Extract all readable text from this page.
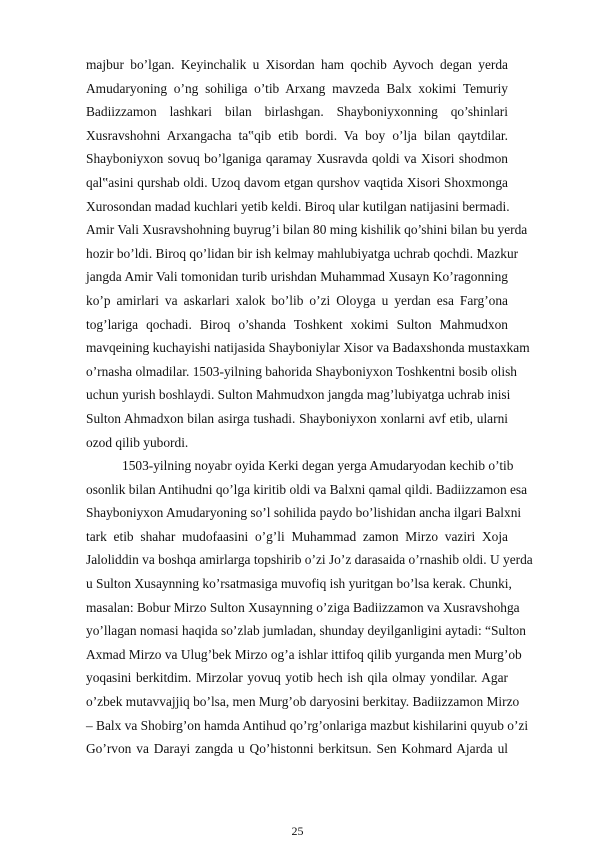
majbur bo’lgan. Keyinchalik u Xisordan ham qochib Ayvoch degan yerda
Amudaryoning o’ng sohiliga o’tib Arxang mavzeda Balx xokimi Temuriy
Badiizzamon lashkari bilan birlashgan. Shayboniyxonning qo’shinlari
Xusravshohni Arxangacha ta‟qib etib bordi. Va boy o’lja bilan qaytdilar.
Shayboniyxon sovuq bo’lganiga qaramay Xusravda qoldi va Xisori shodmon
qal‟asini qurshab oldi. Uzoq davom etgan qurshov vaqtida Xisori Shoxmonga
Xurosondan madad kuchlari yetib keldi. Biroq ular kutilgan natijasini bermadi.
Amir Vali Xusravshohning buyrug’i bilan 80 ming kishilik qo’shini bilan bu yerda
hozir bo’ldi. Biroq qo’lidan bir ish kelmay mahlubiyatga uchrab qochdi. Mazkur
jangda Amir Vali tomonidan turib urishdan Muhammad Xusayn Ko’ragonning
ko’p amirlari va askarlari xalok bo’lib o’zi Oloyga u yerdan esa Farg’ona
tog’lariga qochadi. Biroq o’shanda Toshkent xokimi Sulton Mahmudxon
mavqeining kuchayishi natijasida Shayboniylar Xisor va Badaxshonda mustaxkam
o’rnasha olmadilar. 1503-yilning bahorida Shayboniyxon Toshkentni bosib olish
uchun yurish boshlaydi. Sulton Mahmudxon jangda mag’lubiyatga uchrab inisi
Sulton Ahmadxon bilan asirga tushadi. Shayboniyxon xonlarni avf etib, ularni
ozod qilib yubordi.
1503-yilning noyabr oyida Kerki degan yerga Amudaryodan kechib o’tib
osonlik bilan Antihudni qo’lga kiritib oldi va Balxni qamal qildi. Badiizzamon esa
Shayboniyxon Amudaryoning so’l sohilida paydo bo’lishidan ancha ilgari Balxni
tark etib shahar mudofaasini o’g’li Muhammad zamon Mirzo vaziri Xoja
Jaloliddin va boshqa amirlarga topshirib o’zi Jo’z darasaida o’rnashib oldi. U yerda
u Sulton Xusaynning ko’rsatmasiga muvofiq ish yuritgan bo’lsa kerak. Chunki,
masalan: Bobur Mirzo Sulton Xusaynning o’ziga Badiizzamon va Xusravshohga
yo’llagan nomasi haqida so’zlab jumladan, shunday deyilganligini aytadi: “Sulton
Axmad Mirzo va Ulug’bek Mirzo og’a ishlar ittifoq qilib yurganda men Murg’ob
yoqasini berkitdim. Mirzolar yovuq yotib hech ish qila olmay yondilar. Agar
o’zbek mutavvajjiq bo’lsa, men Murg’ob daryosini berkitay. Badiizzamon Mirzo
– Balx va Shobirg’on hamda Antihud qo’rg’onlariga mazbut kishilarini quyub o’zi
Go’rvon va Darayi zangda u Qo’histonni berkitsun. Sen Kohmard Ajarda ul
25
